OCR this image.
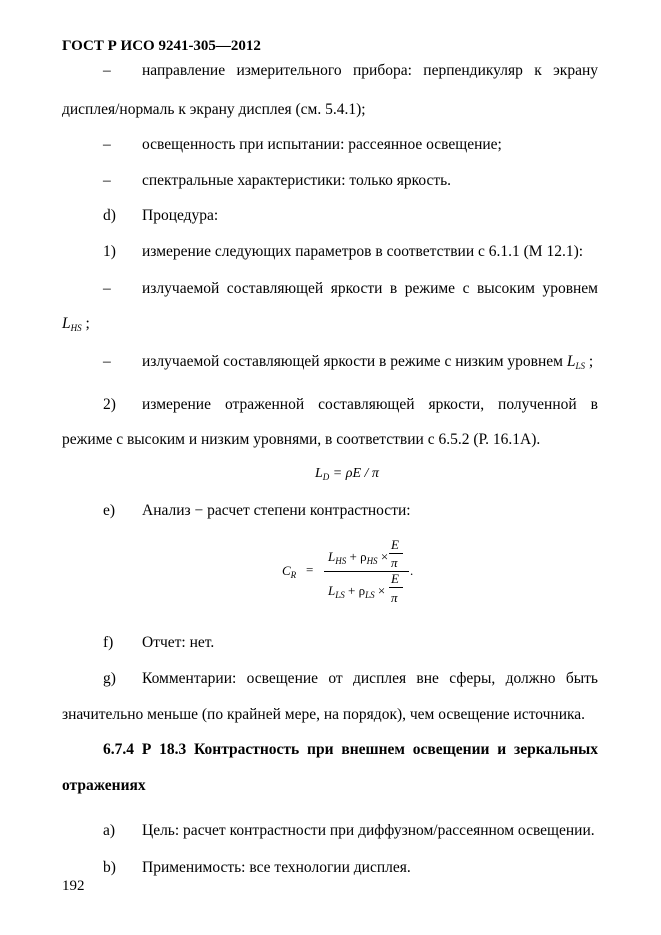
ГОСТ Р ИСО 9241-305—2012
– направление измерительного прибора: перпендикуляр к экрану
дисплея/нормаль к экрану дисплея (см. 5.4.1);
– освещенность при испытании: рассеянное освещение;
– спектральные характеристики: только яркость.
d) Процедура:
1) измерение следующих параметров в соответствии с 6.1.1 (М 12.1):
– излучаемой составляющей яркости в режиме с высоким уровнем
$L_{HS}$ ;
– излучаемой составляющей яркости в режиме с низким уровнем $L_{LS}$ ;
2) измерение отраженной составляющей яркости, полученной в
режиме с высоким и низким уровнями, в соответствии с 6.5.2 (Р. 16.1А).
$L_D = \rho E / \pi$
e) Анализ − расчет степени контрастности:
$C_R$ =
$L_{HS} + \rho_{HS}$ ×
E
π
.
$L_{LS} + \rho_{LS}$ ×
E
π
f) Отчет: нет.
g) Комментарии: освещение от дисплея вне сферы, должно быть
значительно меньше (по крайней мере, на порядок), чем освещение источника.
6.7.4 Р 18.3 Контрастность при внешнем освещении и зеркальных
отражениях
a) Цель: расчет контрастности при диффузном/рассеянном освещении.
b) Применимость: все технологии дисплея.
192
